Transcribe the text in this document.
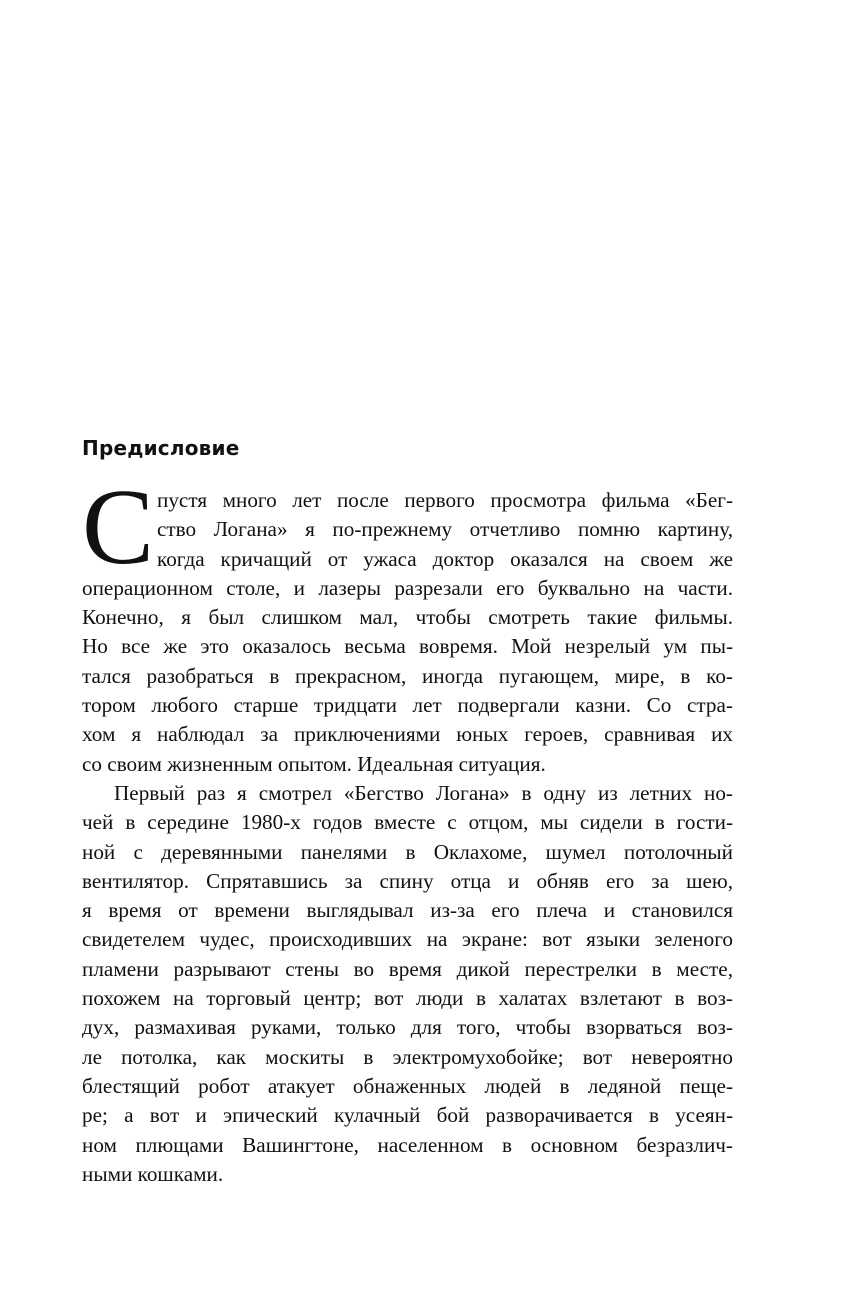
Предисловие
С пустя много лет после первого просмотра фильма «Бег-
ство Логана» я по-прежнему отчетливо помню картину,
когда кричащий от ужаса доктор оказался на своем же
операционном столе, и лазеры разрезали его буквально на части.
Конечно, я был слишком мал, чтобы смотреть такие фильмы.
Но все же это оказалось весьма вовремя. Мой незрелый ум пы-
тался разобраться в прекрасном, иногда пугающем, мире, в ко-
тором любого старше тридцати лет подвергали казни. Со стра-
хом я наблюдал за приключениями юных героев, сравнивая их
со своим жизненным опытом. Идеальная ситуация.
Первый раз я смотрел «Бегство Логана» в одну из летних но-
чей в середине 1980-х годов вместе с отцом, мы сидели в гости-
ной с деревянными панелями в Оклахоме, шумел потолочный
вентилятор. Спрятавшись за спину отца и обняв его за шею,
я время от времени выглядывал из-за его плеча и становился
свидетелем чудес, происходивших на экране: вот языки зеленого
пламени разрывают стены во время дикой перестрелки в месте,
похожем на торговый центр; вот люди в халатах взлетают в воз-
дух, размахивая руками, только для того, чтобы взорваться воз-
ле потолка, как москиты в электромухобойке; вот невероятно
блестящий робот атакует обнаженных людей в ледяной пеще-
ре; а вот и эпический кулачный бой разворачивается в усеян-
ном плющами Вашингтоне, населенном в основном безразлич-
ными кошками.
